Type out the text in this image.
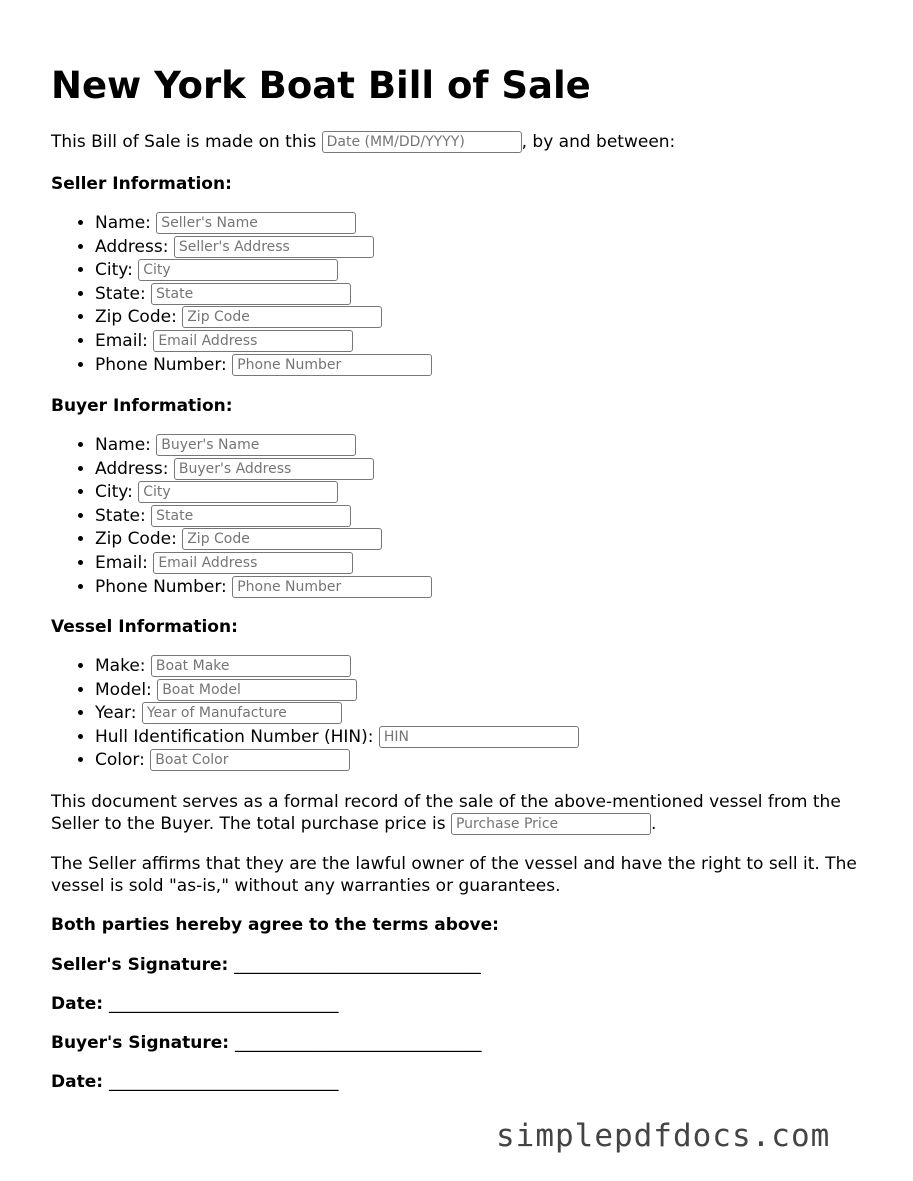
New York Boat Bill of Sale
This Bill of Sale is made on this Date (MM/DD/YYYY)	, by and between:
Seller Information:
• Name: Seller's Name
• Address: Seller's Address
• City: City
• State: State
• Zip Code: Zip Code
• Email: Email Address
• Phone Number: Phone Number
Buyer Information:
• Name: Buyer's Name
• Address: Buyer's Address
• City: City
• State: State
• Zip Code: Zip Code
• Email: Email Address
• Phone Number: Phone Number
Vessel Information:
• Make: Boat Make
• Model: Boat Model
• Year: Year of Manufacture
• Hull Identification Number (HIN): HIN
• Color: Boat Color
This document serves as a formal record of the sale of the above-mentioned vessel from the Seller to the Buyer. The total purchase price is Purchase Price	.
The Seller affirms that they are the lawful owner of the vessel and have the right to sell it. The vessel is sold "as-is," without any warranties or guarantees.
Both parties hereby agree to the terms above:
Seller's Signature: _____________________________
Date: ___________________________
Buyer's Signature: _____________________________
Date: ___________________________
simplepdfdocs.com
